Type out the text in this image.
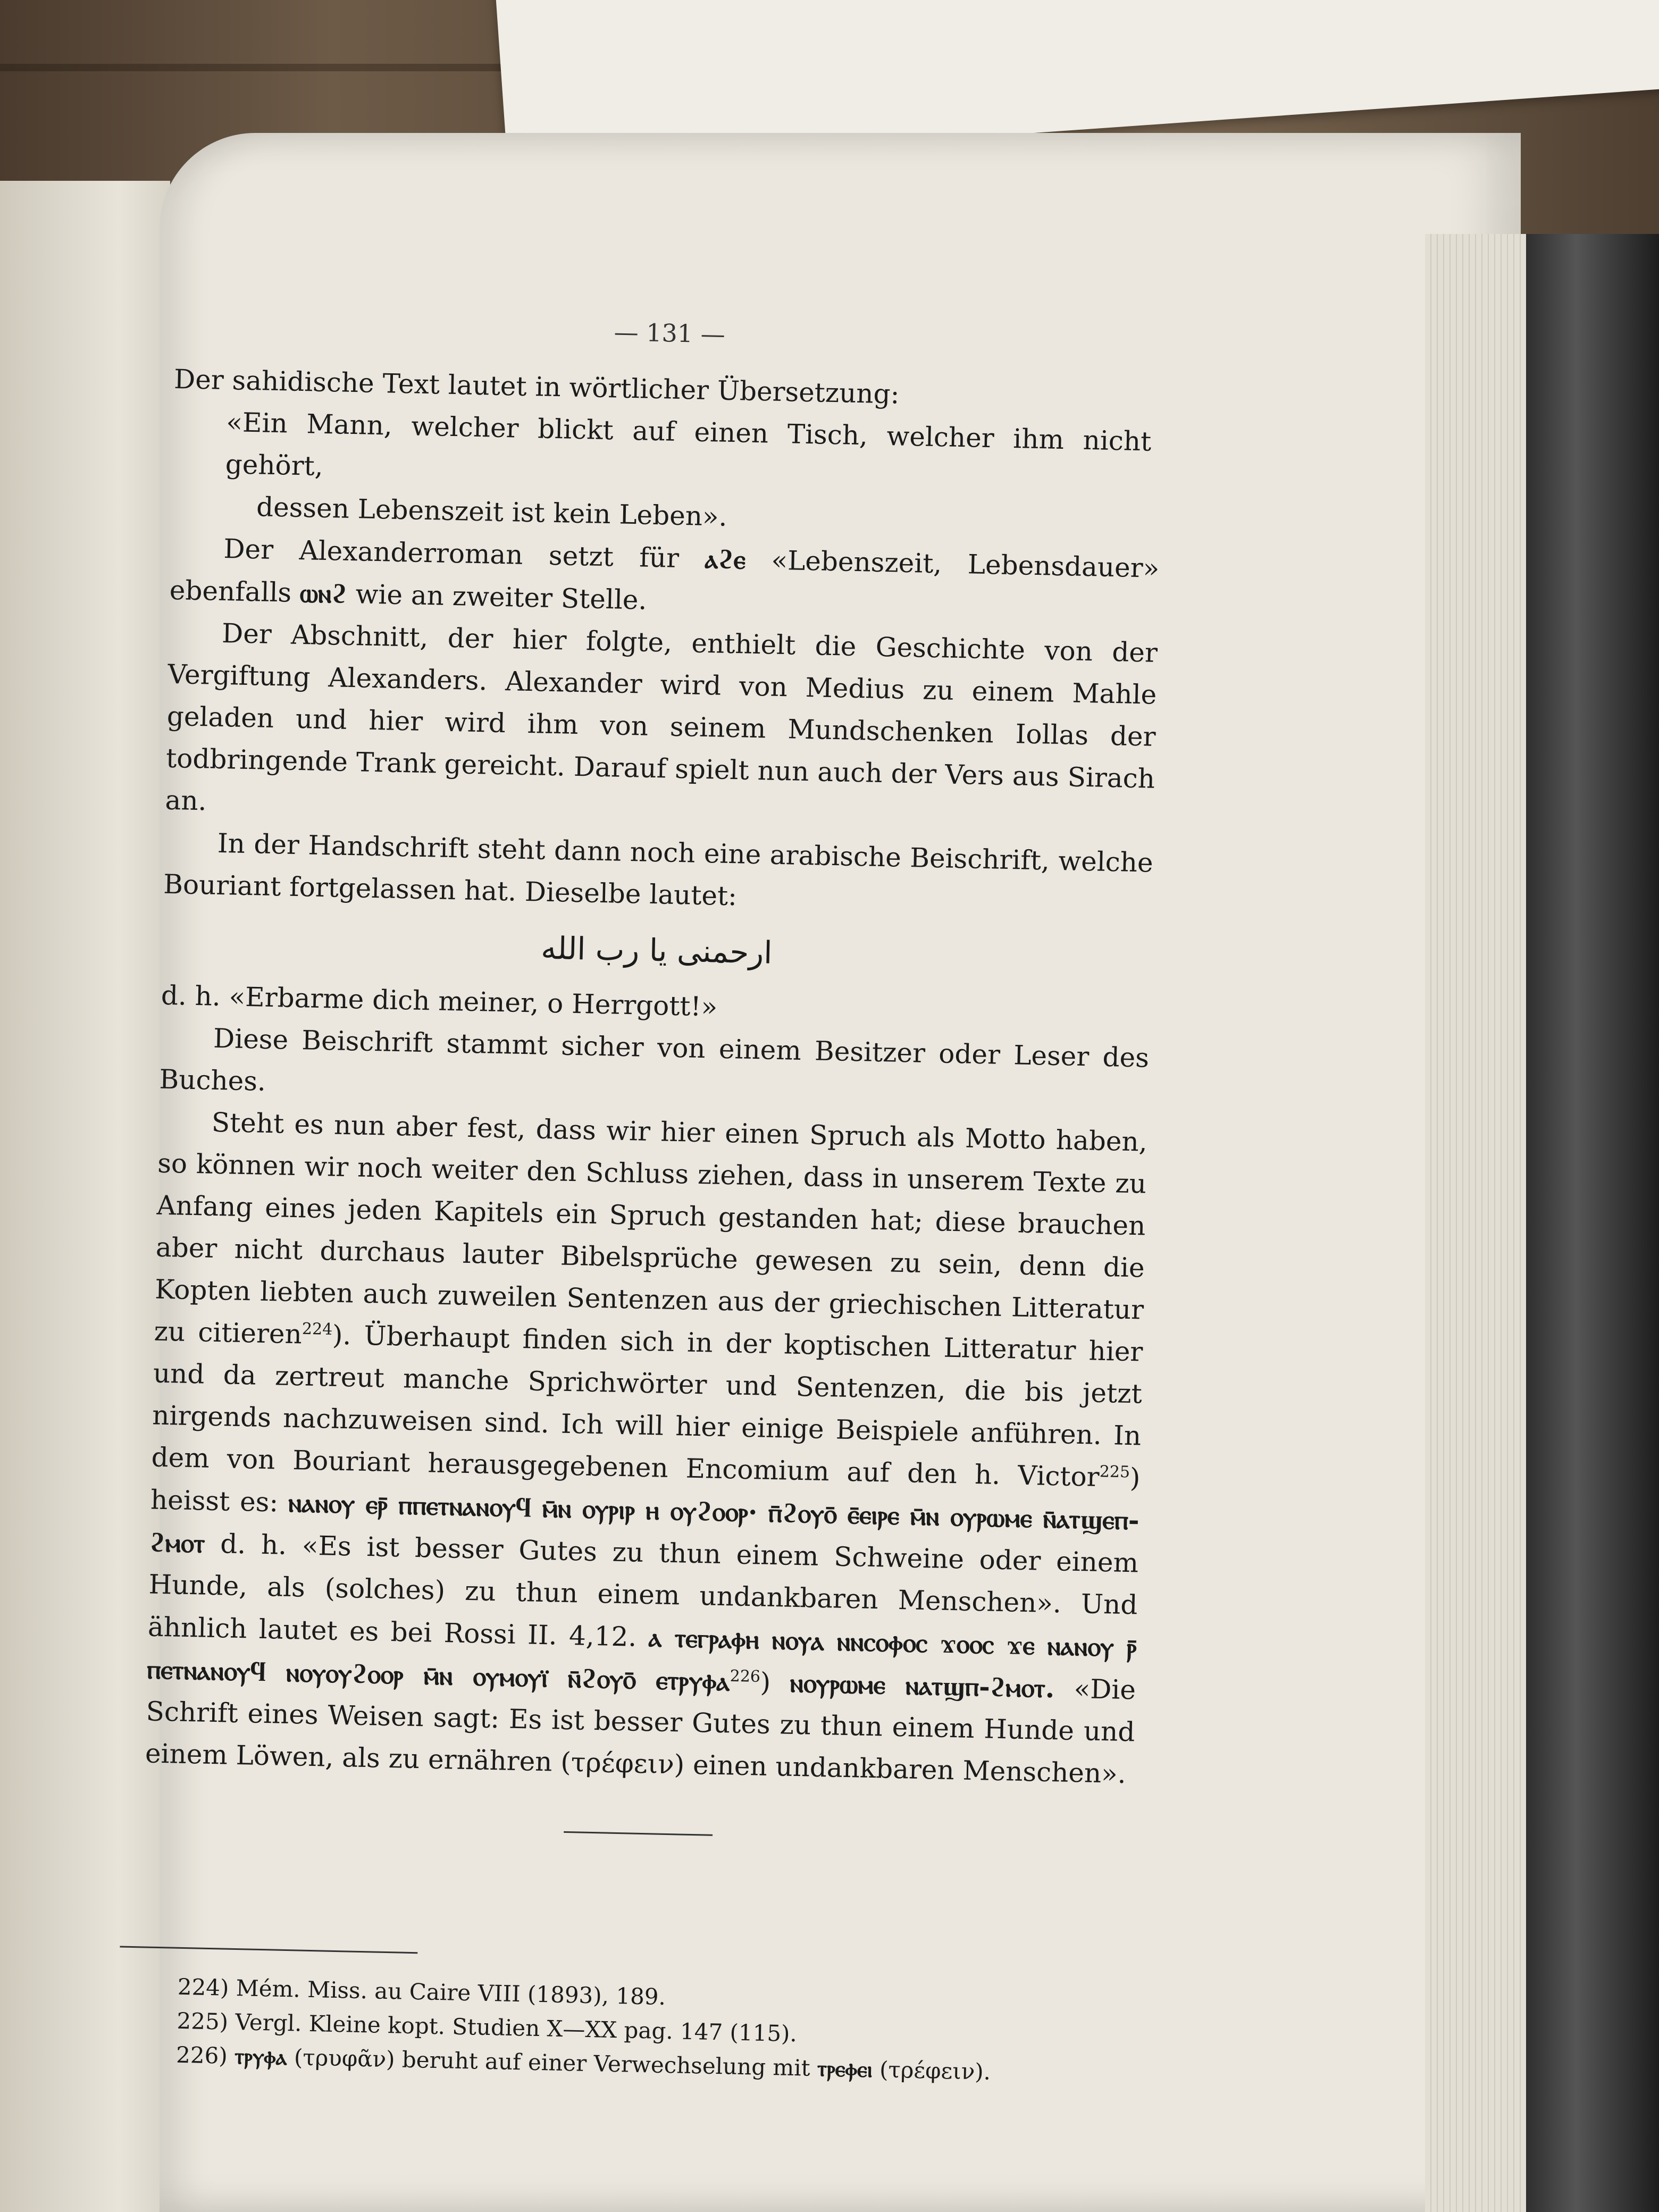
— 131 —

Der sahidische Text lautet in wörtlicher Übersetzung:

«Ein Mann, welcher blickt auf einen Tisch, welcher ihm nicht gehört,

dessen Lebenszeit ist kein Leben».

Der Alexanderroman setzt für ⲁϩⲉ «Lebenszeit, Lebensdauer» ebenfalls ⲱⲛϩ wie an zweiter Stelle.

Der Abschnitt, der hier folgte, enthielt die Geschichte von der Vergiftung Alexanders. Alexander wird von Medius zu einem Mahle geladen und hier wird ihm von seinem Mundschenken Iollas der todbringende Trank gereicht. Darauf spielt nun auch der Vers aus Sirach an.

In der Handschrift steht dann noch eine arabische Beischrift, welche Bouriant fortgelassen hat. Dieselbe lautet:

ارحمنى يا رب الله

d. h. «Erbarme dich meiner, o Herrgott!»

Diese Beischrift stammt sicher von einem Besitzer oder Leser des Buches.

Steht es nun aber fest, dass wir hier einen Spruch als Motto haben, so können wir noch weiter den Schluss ziehen, dass in unserem Texte zu Anfang eines jeden Kapitels ein Spruch gestanden hat; diese brauchen aber nicht durchaus lauter Bibelsprüche gewesen zu sein, denn die Kopten liebten auch zuweilen Sentenzen aus der griechischen Litteratur zu citieren$^{224}$). Überhaupt finden sich in der koptischen Litteratur hier und da zertreut manche Sprichwörter und Sentenzen, die bis jetzt nirgends nachzuweisen sind. Ich will hier einige Beispiele anführen. In dem von Bouriant herausgegebenen Encomium auf den h. Victor$^{225}$) heisst es: ⲛⲁⲛⲟⲩ ⲉⲣ̄ ⲡⲡⲉⲧⲛⲁⲛⲟⲩϥ ⲙ̄ⲛ ⲟⲩⲣⲓⲣ ⲏ ⲟⲩϩⲟⲟⲣ· ⲡ̄ϩⲟⲩⲟ̄ ⲉ̄ⲉⲓⲣⲉ ⲙ̄ⲛ ⲟⲩⲣⲱⲙⲉ ⲛ̄ⲁⲧϣⲉⲡ-ϩⲙⲟⲧ d. h. «Es ist besser Gutes zu thun einem Schweine oder einem Hunde, als (solches) zu thun einem undankbaren Menschen». Und ähnlich lautet es bei Rossi II. 4,12. ⲁ ⲧⲉⲅⲣⲁⲫⲏ ⲛⲟⲩⲁ ⲛⲛⲥⲟⲫⲟⲥ ϫⲟⲟⲥ ϫⲉ ⲛⲁⲛⲟⲩ ⲣ̄ ⲡⲉⲧⲛⲁⲛⲟⲩϥ ⲛⲟⲩⲟⲩϩⲟⲟⲣ ⲙ̄ⲛ ⲟⲩⲙⲟⲩⲓ̈ ⲛ̄ϩⲟⲩⲟ̄ ⲉⲧⲣⲩⲫⲁ$^{226}$) ⲛⲟⲩⲣⲱⲙⲉ ⲛⲁⲧϣⲡ-ϩⲙⲟⲧ. «Die Schrift eines Weisen sagt: Es ist besser Gutes zu thun einem Hunde und einem Löwen, als zu ernähren (τρέφειν) einen undankbaren Menschen».

224) Mém. Miss. au Caire VIII (1893), 189.

225) Vergl. Kleine kopt. Studien X—XX pag. 147 (115).

226) ⲧⲣⲩⲫⲁ (τρυφᾶν) beruht auf einer Verwechselung mit ⲧⲣⲉⲫⲉⲓ (τρέφειν).
